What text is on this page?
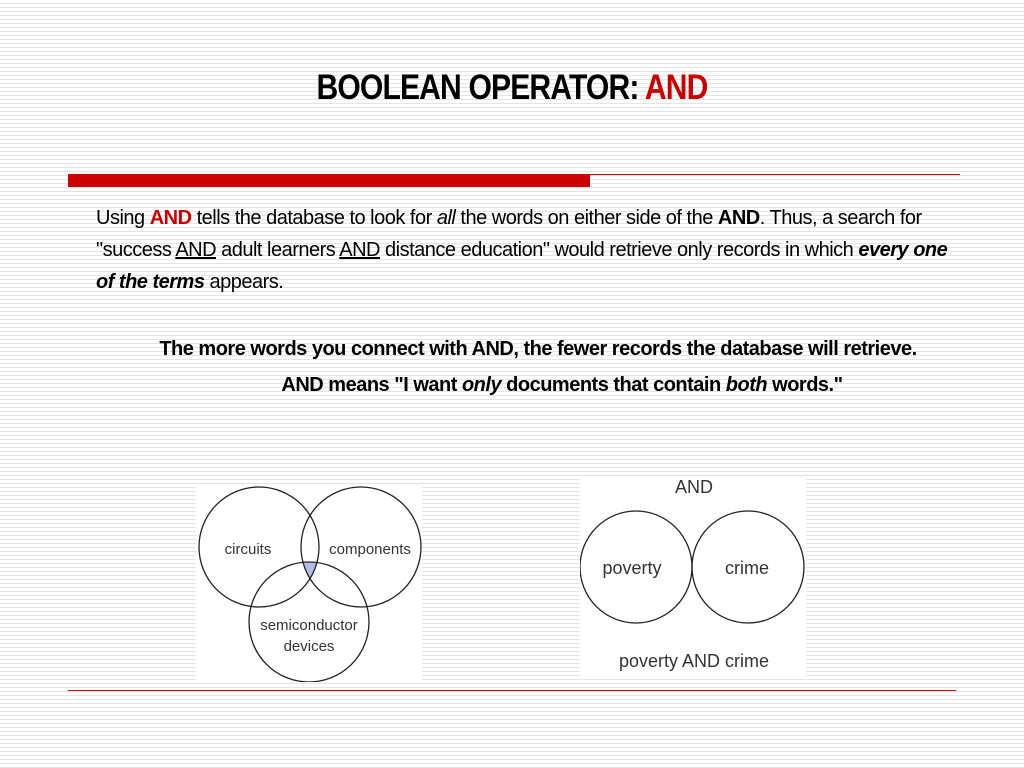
BOOLEAN OPERATOR: AND
Using AND tells the database to look for all the words on either side of the AND. Thus, a search for "success AND adult learners AND distance education" would retrieve only records in which every one of the terms appears.
The more words you connect with AND, the fewer records the database will retrieve.
AND means "I want only documents that contain both words."
circuits	components
semiconductor
devices
AND
poverty	crime
poverty AND crime
